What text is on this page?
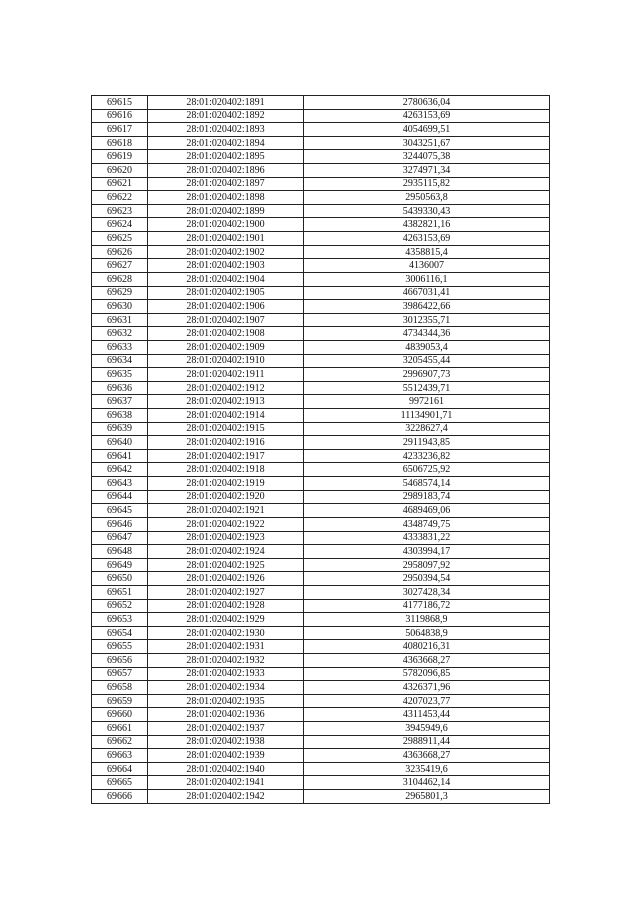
69615	28:01:020402:1891	2780636,04
69616	28:01:020402:1892	4263153,69
69617	28:01:020402:1893	4054699,51
69618	28:01:020402:1894	3043251,67
69619	28:01:020402:1895	3244075,38
69620	28:01:020402:1896	3274971,34
69621	28:01:020402:1897	2935115,82
69622	28:01:020402:1898	2950563,8
69623	28:01:020402:1899	5439330,43
69624	28:01:020402:1900	4382821,16
69625	28:01:020402:1901	4263153,69
69626	28:01:020402:1902	4358815,4
69627	28:01:020402:1903	4136007
69628	28:01:020402:1904	3006116,1
69629	28:01:020402:1905	4667031,41
69630	28:01:020402:1906	3986422,66
69631	28:01:020402:1907	3012355,71
69632	28:01:020402:1908	4734344,36
69633	28:01:020402:1909	4839053,4
69634	28:01:020402:1910	3205455,44
69635	28:01:020402:1911	2996907,73
69636	28:01:020402:1912	5512439,71
69637	28:01:020402:1913	9972161
69638	28:01:020402:1914	11134901,71
69639	28:01:020402:1915	3228627,4
69640	28:01:020402:1916	2911943,85
69641	28:01:020402:1917	4233236,82
69642	28:01:020402:1918	6506725,92
69643	28:01:020402:1919	5468574,14
69644	28:01:020402:1920	2989183,74
69645	28:01:020402:1921	4689469,06
69646	28:01:020402:1922	4348749,75
69647	28:01:020402:1923	4333831,22
69648	28:01:020402:1924	4303994,17
69649	28:01:020402:1925	2958097,92
69650	28:01:020402:1926	2950394,54
69651	28:01:020402:1927	3027428,34
69652	28:01:020402:1928	4177186,72
69653	28:01:020402:1929	3119868,9
69654	28:01:020402:1930	5064838,9
69655	28:01:020402:1931	4080216,31
69656	28:01:020402:1932	4363668,27
69657	28:01:020402:1933	5782096,85
69658	28:01:020402:1934	4326371,96
69659	28:01:020402:1935	4207023,77
69660	28:01:020402:1936	4311453,44
69661	28:01:020402:1937	3945949,6
69662	28:01:020402:1938	2988911,44
69663	28:01:020402:1939	4363668,27
69664	28:01:020402:1940	3235419,6
69665	28:01:020402:1941	3104462,14
69666	28:01:020402:1942	2965801,3
